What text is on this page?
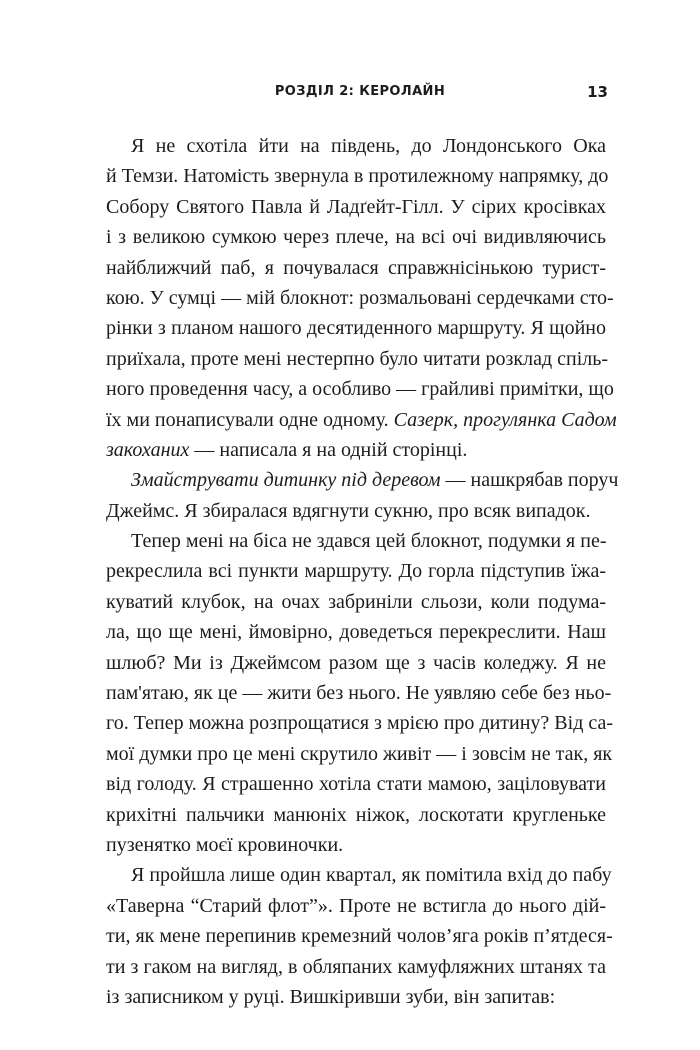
РОЗДІЛ 2: КЕРОЛАЙН	13
Я не схотіла йти на південь, до Лондонського Ока
й Темзи. Натомість звернула в протилежному напрямку, до
Собору Святого Павла й Ладґейт-Гілл. У сірих кросівках
і з великою сумкою через плече, на всі очі видивляючись
найближчий паб, я почувалася справжнісінькою турист-
кою. У сумці — мій блокнот: розмальовані сердечками сто-
рінки з планом нашого десятиденного маршруту. Я щойно
приїхала, проте мені нестерпно було читати розклад спіль-
ного проведення часу, а особливо — грайливі примітки, що
їх ми понаписували одне одному. Сазерк, прогулянка Садом
закоханих — написала я на одній сторінці.
Змайструвати дитинку під деревом — нашкрябав поруч
Джеймс. Я збиралася вдягнути сукню, про всяк випадок.
Тепер мені на біса не здався цей блокнот, подумки я пе-
рекреслила всі пункти маршруту. До горла підступив їжа-
куватий клубок, на очах забриніли сльози, коли подума-
ла, що ще мені, ймовірно, доведеться перекреслити. Наш
шлюб? Ми із Джеймсом разом ще з часів коледжу. Я не
пам'ятаю, як це — жити без нього. Не уявляю себе без ньо-
го. Тепер можна розпрощатися з мрією про дитину? Від са-
мої думки про це мені скрутило живіт — і зовсім не так, як
від голоду. Я страшенно хотіла стати мамою, заціловувати
крихітні пальчики манюніх ніжок, лоскотати кругленьке
пузенятко моєї кровиночки.
Я пройшла лише один квартал, як помітила вхід до пабу
«Таверна “Старий флот”». Проте не встигла до нього дій-
ти, як мене перепинив кремезний чолов’яга років п’ятдеся-
ти з гаком на вигляд, в обляпаних камуфляжних штанях та
із записником у руці. Вишкіривши зуби, він запитав:
